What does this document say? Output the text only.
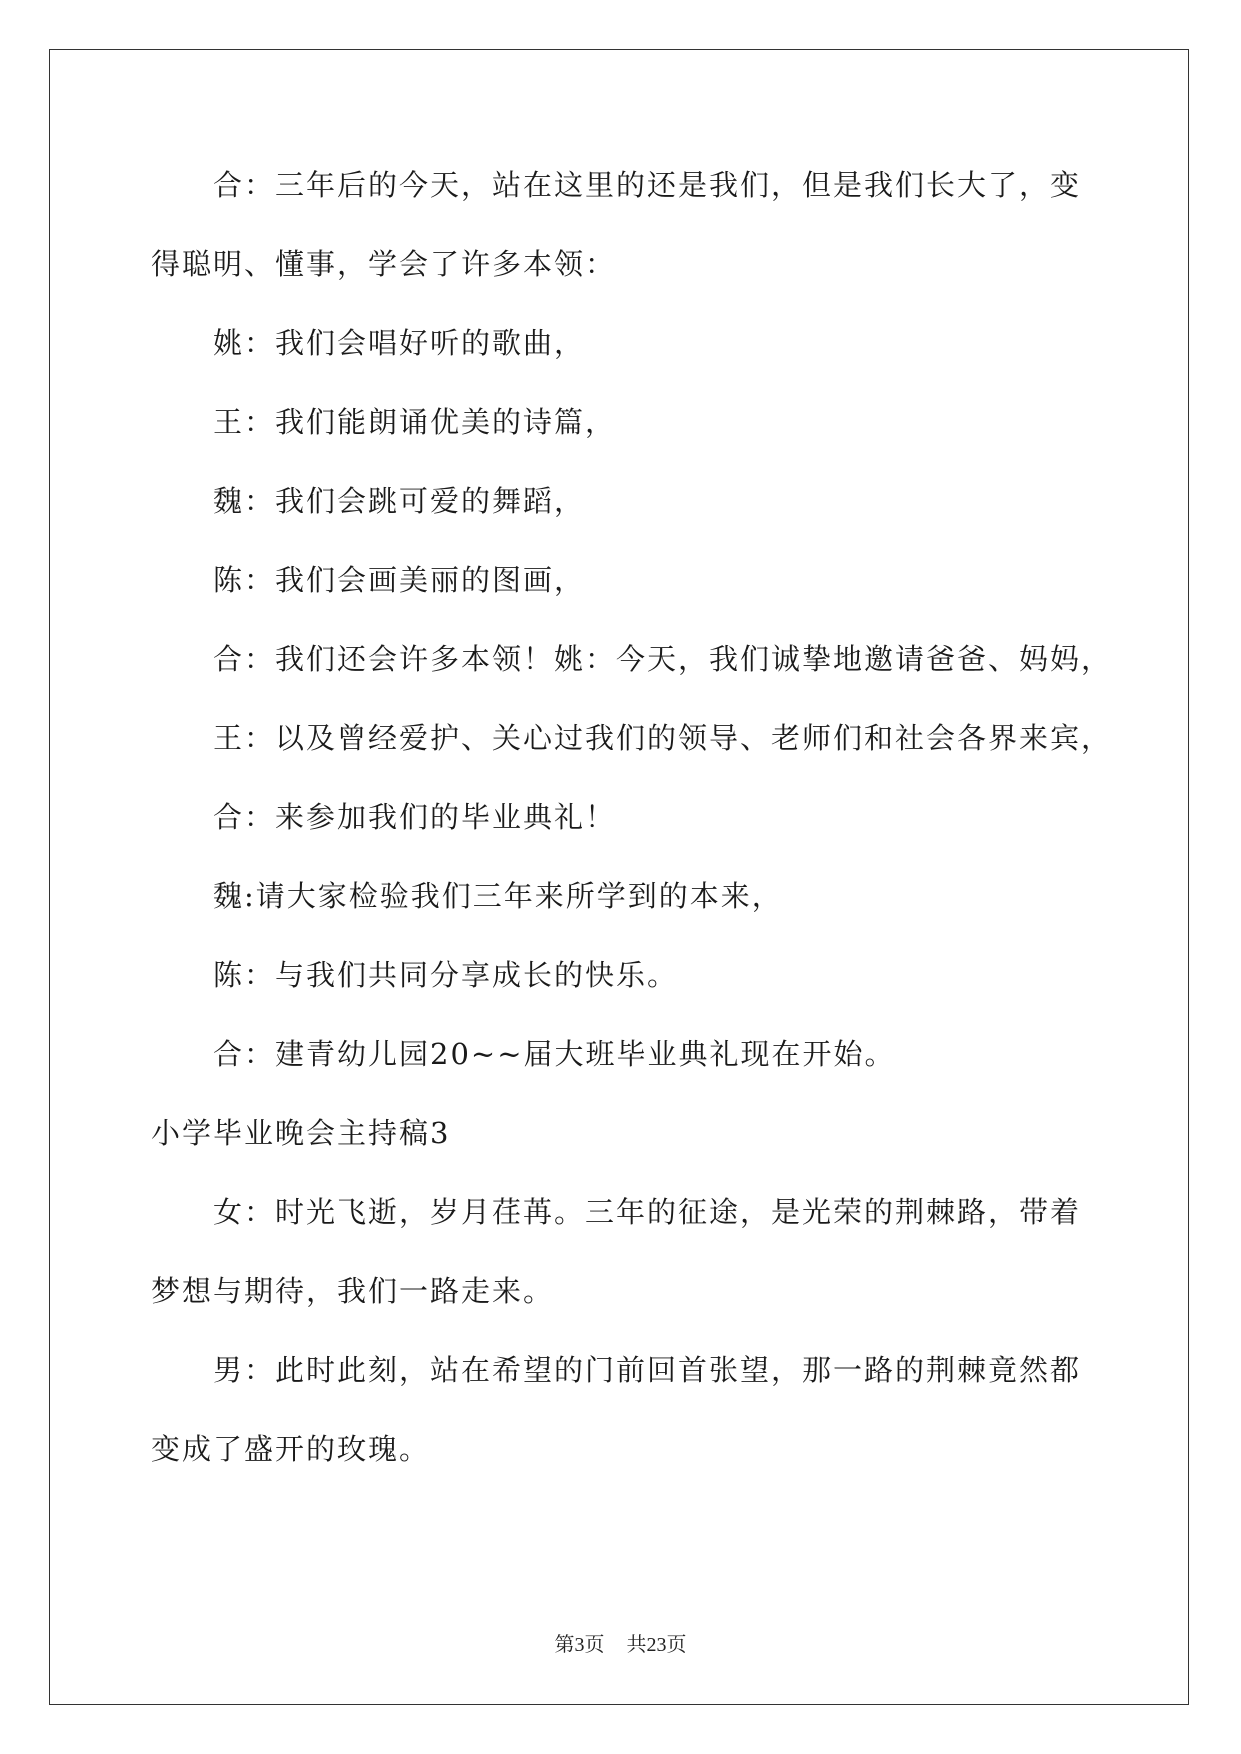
合：三年后的今天，站在这里的还是我们，但是我们长大了，变
得聪明、懂事，学会了许多本领：
姚：我们会唱好听的歌曲，
王：我们能朗诵优美的诗篇，
魏：我们会跳可爱的舞蹈，
陈：我们会画美丽的图画，
合：我们还会许多本领！姚：今天，我们诚挚地邀请爸爸、妈妈，
王：以及曾经爱护、关心过我们的领导、老师们和社会各界来宾，
合：来参加我们的毕业典礼！
魏:请大家检验我们三年来所学到的本来，
陈：与我们共同分享成长的快乐。
合：建青幼儿园20~~届大班毕业典礼现在开始。
小学毕业晚会主持稿3
女：时光飞逝，岁月荏苒。三年的征途，是光荣的荆棘路，带着
梦想与期待，我们一路走来。
男：此时此刻，站在希望的门前回首张望，那一路的荆棘竟然都
变成了盛开的玫瑰。
第3页 共23页
